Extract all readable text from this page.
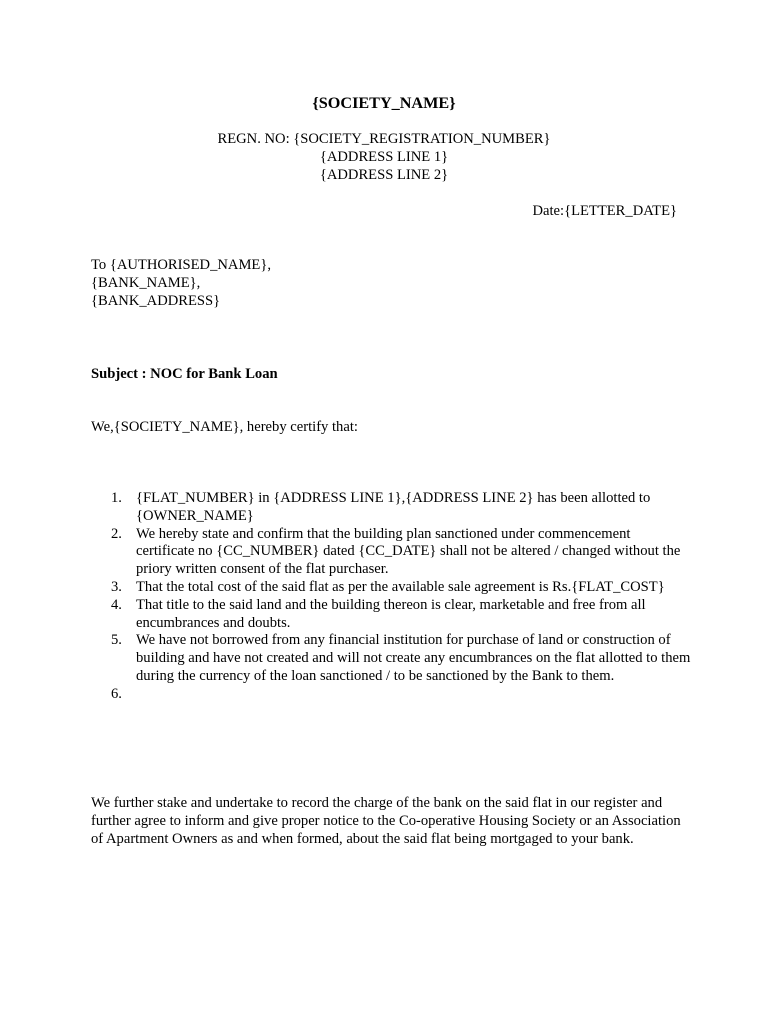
{SOCIETY_NAME}
REGN. NO: {SOCIETY_REGISTRATION_NUMBER}
{ADDRESS LINE 1}
{ADDRESS LINE 2}
Date:{LETTER_DATE}
To {AUTHORISED_NAME},
{BANK_NAME},
{BANK_ADDRESS}
Subject : NOC for Bank Loan
We,{SOCIETY_NAME}, hereby certify that:
1. {FLAT_NUMBER} in {ADDRESS LINE 1},{ADDRESS LINE 2} has been allotted to {OWNER_NAME}
2. We hereby state and confirm that the building plan sanctioned under commencement certificate no {CC_NUMBER} dated {CC_DATE} shall not be altered / changed without the priory written consent of the flat purchaser.
3. That the total cost of the said flat as per the available sale agreement is Rs.{FLAT_COST}
4. That title to the said land and the building thereon is clear, marketable and free from all encumbrances and doubts.
5. We have not borrowed from any financial institution for purchase of land or construction of building and have not created and will not create any encumbrances on the flat allotted to them during the currency of the loan sanctioned / to be sanctioned by the Bank to them.
6.
We further stake and undertake to record the charge of the bank on the said flat in our register and further agree to inform and give proper notice to the Co-operative Housing Society or an Association of Apartment Owners as and when formed, about the said flat being mortgaged to your bank.
